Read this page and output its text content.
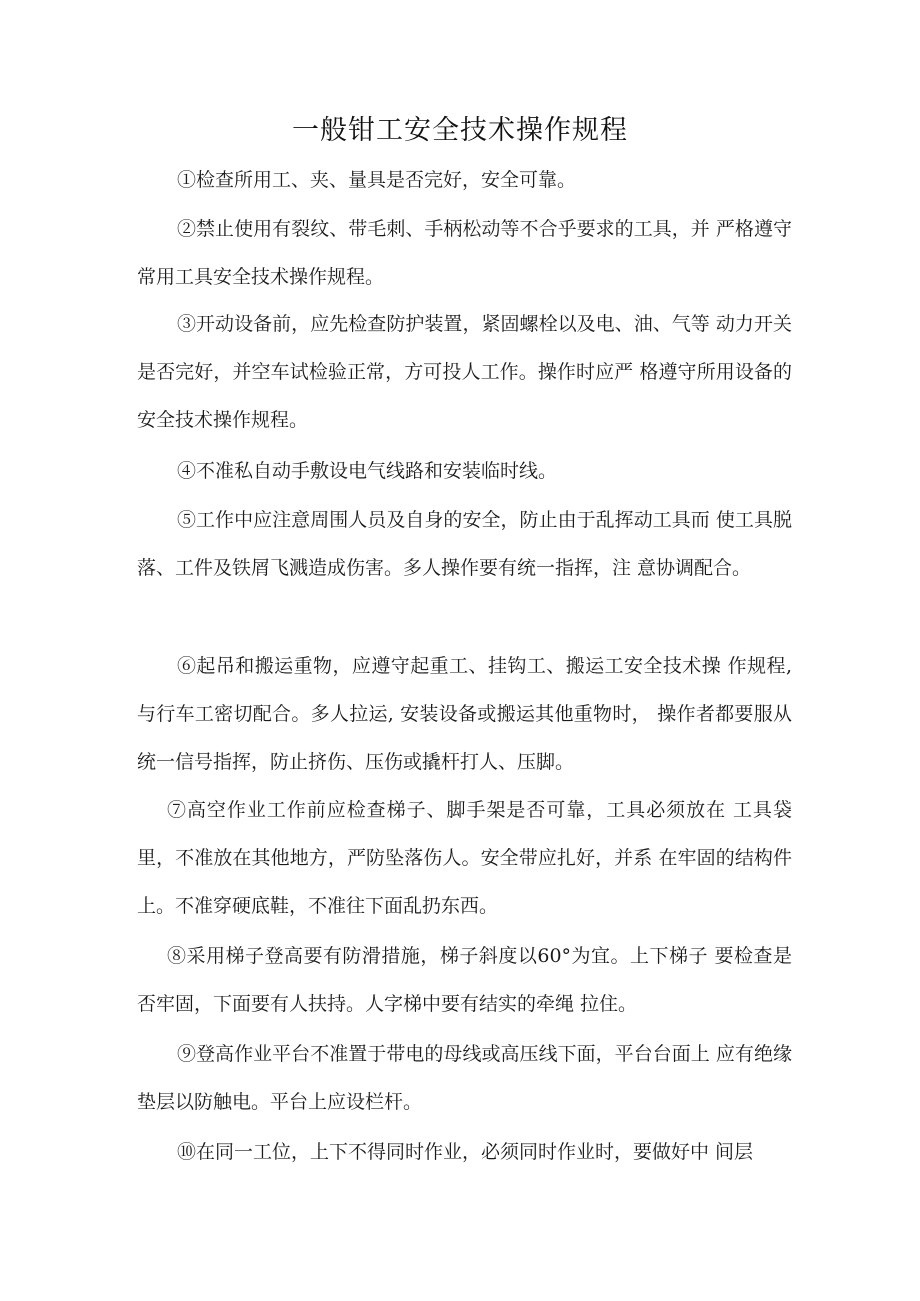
一般钳工安全技术操作规程

①检查所用工、夹、量具是否完好，安全可靠。

②禁止使用有裂纹、带毛刺、手柄松动等不合乎要求的工具，并 严格遵守常用工具安全技术操作规程。

③开动设备前，应先检查防护装置，紧固螺栓以及电、油、气等 动力开关是否完好，并空车试检验正常，方可投人工作。操作时应严 格遵守所用设备的安全技术操作规程。

④不准私自动手敷设电气线路和安装临时线。

⑤工作中应注意周围人员及自身的安全，防止由于乱挥动工具而 使工具脱落、工件及铁屑飞溅造成伤害。多人操作要有统一指挥，注 意协调配合。

⑥起吊和搬运重物，应遵守起重工、挂钩工、搬运工安全技术操 作规程, 与行车工密切配合。多人拉运, 安装设备或搬运其他重物时， 操作者都要服从统一信号指挥，防止挤伤、压伤或撬杆打人、压脚。

⑦高空作业工作前应检查梯子、脚手架是否可靠，工具必须放在 工具袋里，不准放在其他地方，严防坠落伤人。安全带应扎好，并系 在牢固的结构件上。不准穿硬底鞋，不准往下面乱扔东西。

⑧采用梯子登高要有防滑措施，梯子斜度以60°为宜。上下梯子 要检查是否牢固，下面要有人扶持。人字梯中要有结实的牵绳 拉住。

⑨登高作业平台不准置于带电的母线或高压线下面，平台台面上 应有绝缘垫层以防触电。平台上应设栏杆。

⑩在同一工位，上下不得同时作业，必须同时作业时，要做好中 间层
